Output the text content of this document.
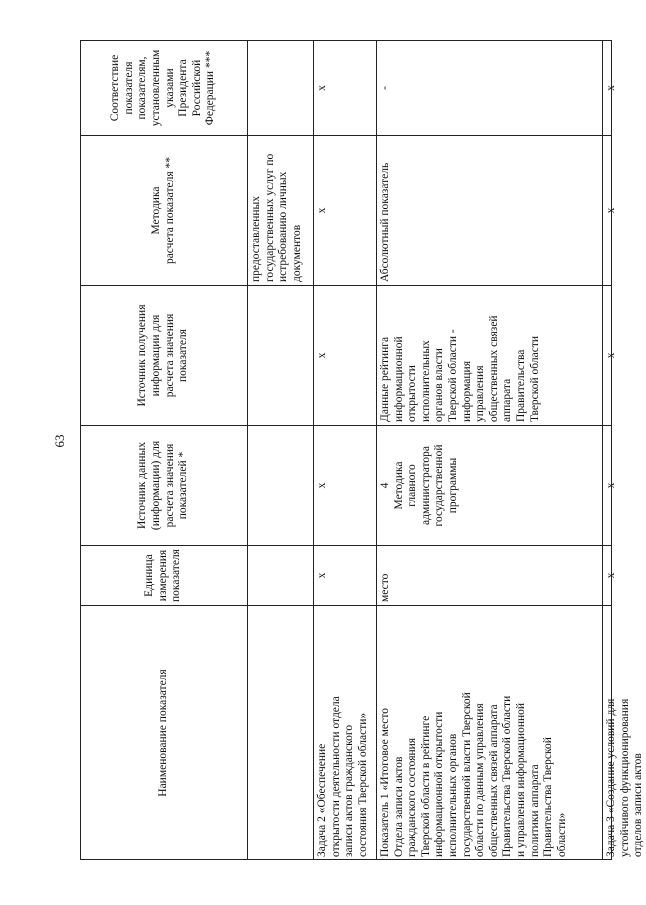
63
Наименование показателя
Единица
измерения
показателя
Источник данных
(информации) для
расчета значения
показателей *
Источник получения
информации для
расчета значения
показателя
Методика
расчета показателя **
Соответствие
показателя
показателям,
установленным
указами Президента
Российской
Федерации ***
предоставленных
государственных услуг по
истребованию личных
документов
Задача 2 «Обеспечение
открытости деятельности отдела
записи актов гражданского
состояния Тверской области»
х
х
х
х
х
Показатель 1 «Итоговое место
Отдела записи актов
гражданского состояния
Тверской области в рейтинге
информационной открытости
исполнительных органов
государственной власти Тверской
области по данным управления
общественных связей аппарата
Правительства Тверской области
и управления информационной
политики аппарата
Правительства Тверской
области»
место
4
Методика
главного
администратора
государственной
программы
Данные рейтинга
информационной
открытости
исполнительных
органов власти
Тверской области -
информация
управления
общественных связей
аппарата
Правительства
Тверской области
Абсолютный показатель
-
Задача 3 «Создание условий для
устойчивого функционирования
отделов записи актов
х
х
х
х
х
